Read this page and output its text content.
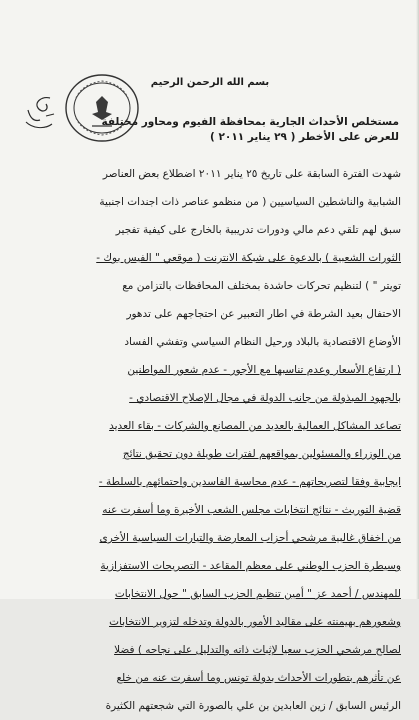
بسم الله الرحمن الرحيم
مستخلص الأحداث الجارية بمحافظة الفيوم ومحاور مختلفة
للعرض على الأخطر ( ٢٩ يناير ٢٠١١ )
شهدت الفترة السابقة على تاريخ ٢٥ يناير ٢٠١١ اضطلاع بعض العناصر
الشبابية والناشطين السياسيين ( من منظمو عناصر ذات اجندات اجنبية
سبق لهم تلقي دعم مالي ودورات تدريبية بالخارج على كيفية تفجير
الثورات الشعبية ) بالدعوة على شبكة الانترنت ( موقعي " الفيس بوك -
تويتر " ) لتنظيم تحركات حاشدة بمختلف المحافظات بالتزامن مع
الاحتفال بعيد الشرطة في اطار التعبير عن احتجاجهم على تدهور
الأوضاع الاقتصادية بالبلاد ورحيل النظام السياسي وتفشي الفساد
( ارتفاع الأسعار وعدم تناسبها مع الأجور - عدم شعور المواطنين
بالجهود المبذولة من جانب الدولة في مجال الإصلاح الاقتصادي -
تصاعد المشاكل العمالية بالعديد من المصانع والشركات - بقاء العديد
من الوزراء والمسئولين بمواقعهم لفترات طويلة دون تحقيق نتائج
ايجابية وفقا لتصريحاتهم - عدم محاسبة الفاسدين واحتمائهم بالسلطة -
قضية التوريث - نتائج انتخابات مجلس الشعب الأخيرة وما أسفرت عنه
من اخفاق غالبية مرشحي أحزاب المعارضة والتيارات السياسية الأخرى
وسيطرة الحزب الوطني على معظم المقاعد - التصريحات الاستفزازية
للمهندس / أحمد عز " أمين تنظيم الحزب السابق " حول الانتخابات
وشعورهم بهيمنته على مقاليد الأمور بالدولة وتدخله لتزوير الانتخابات
لصالح مرشحي الحزب سعيا لإثبات ذاته والتدليل على نجاحه ) فضلا
عن تأثرهم بتطورات الأحداث بدولة تونس وما أسفرت عنه من خلع
الرئيس السابق / زين العابدين بن علي بالصورة التي شجعتهم الكثيرة
